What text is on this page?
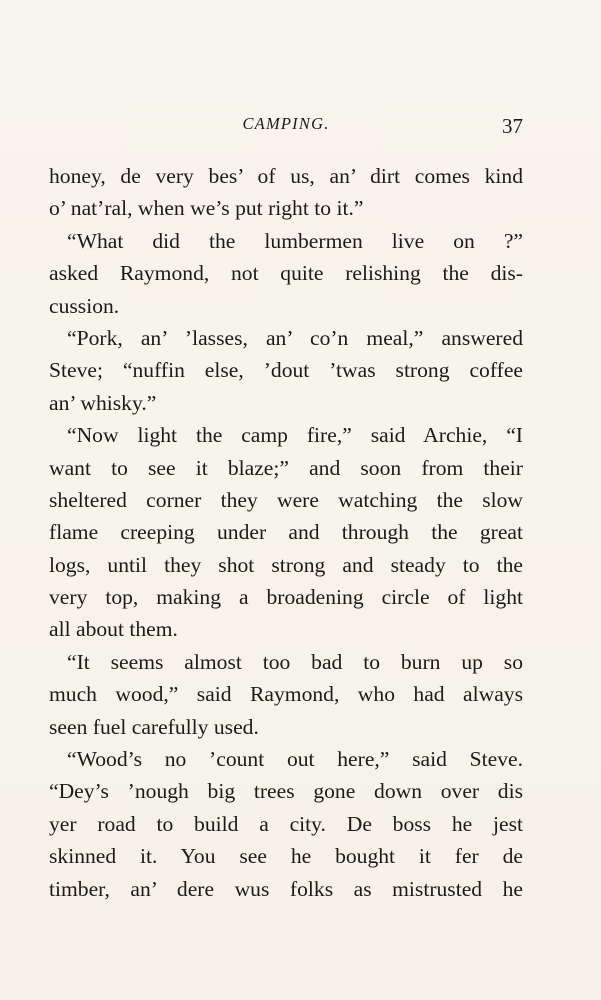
CAMPING.	37
honey, de very bes’ of us, an’ dirt comes kind
o’ nat’ral, when we’s put right to it.”
“What did the lumbermen live on ?”
asked Raymond, not quite relishing the dis-
cussion.
“Pork, an’ ’lasses, an’ co’n meal,” answered
Steve; “nuffin else, ’dout ’twas strong coffee
an’ whisky.”
“Now light the camp fire,” said Archie, “I
want to see it blaze;” and soon from their
sheltered corner they were watching the slow
flame creeping under and through the great
logs, until they shot strong and steady to the
very top, making a broadening circle of light
all about them.
“It seems almost too bad to burn up so
much wood,” said Raymond, who had always
seen fuel carefully used.
“Wood’s no ’count out here,” said Steve.
“Dey’s ’nough big trees gone down over dis
yer road to build a city. De boss he jest
skinned it. You see he bought it fer de
timber, an’ dere wus folks as mistrusted he
